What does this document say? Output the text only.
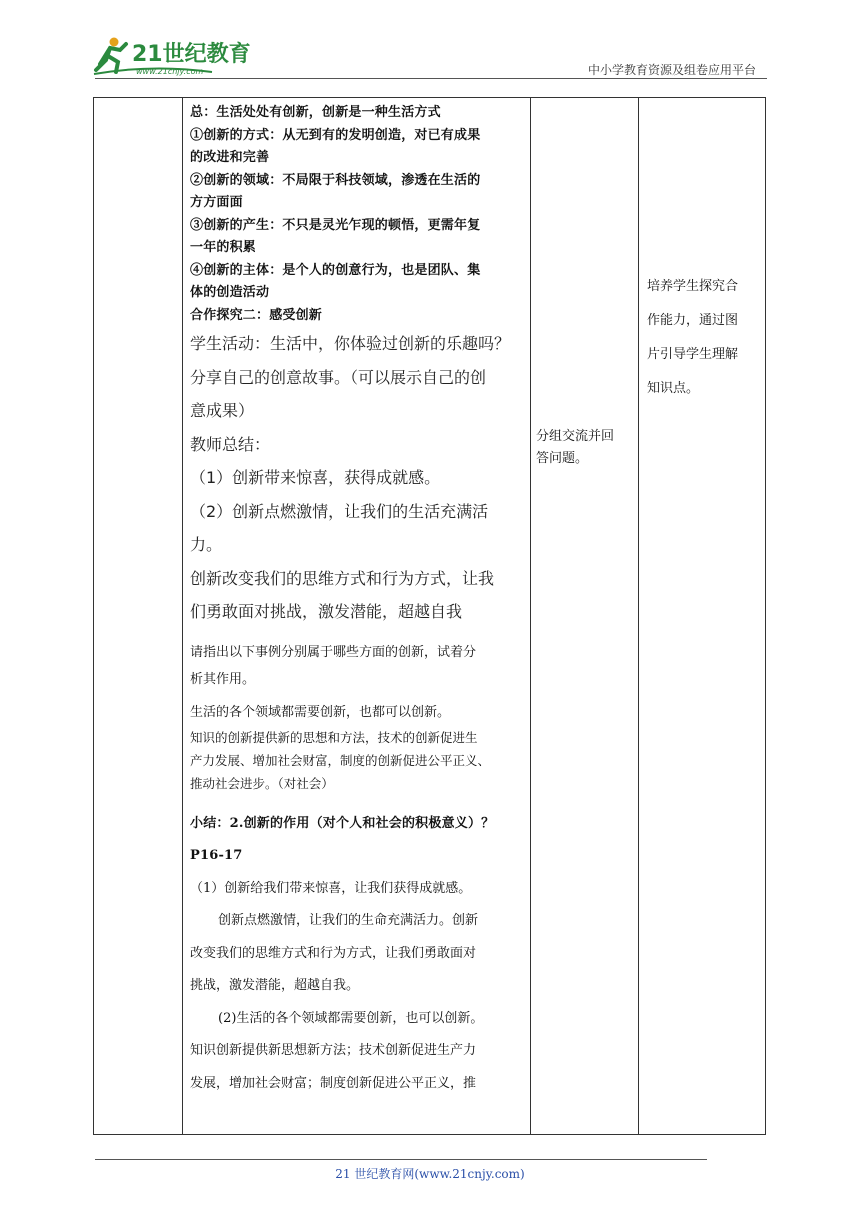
21世纪教育
www.21cnjy.com	中小学教育资源及组卷应用平台
总：生活处处有创新，创新是一种生活方式
①创新的方式：从无到有的发明创造，对已有成果
的改进和完善
②创新的领域：不局限于科技领域，渗透在生活的
方方面面
③创新的产生：不只是灵光乍现的顿悟，更需年复
一年的积累
④创新的主体：是个人的创意行为，也是团队、集
体的创造活动
合作探究二：感受创新
学生活动：生活中，你体验过创新的乐趣吗？
分享自己的创意故事。（可以展示自己的创
意成果）
教师总结：
（1）创新带来惊喜，获得成就感。
（2）创新点燃激情，让我们的生活充满活
力。
创新改变我们的思维方式和行为方式，让我
们勇敢面对挑战，激发潜能，超越自我
请指出以下事例分别属于哪些方面的创新，试着分
析其作用。
生活的各个领域都需要创新，也都可以创新。
知识的创新提供新的思想和方法，技术的创新促进生
产力发展、增加社会财富，制度的创新促进公平正义、
推动社会进步。（对社会）
小结：2.创新的作用（对个人和社会的积极意义）？
P16-17
（1）创新给我们带来惊喜，让我们获得成就感。
创新点燃激情，让我们的生命充满活力。创新
改变我们的思维方式和行为方式，让我们勇敢面对
挑战，激发潜能，超越自我。
(2)生活的各个领域都需要创新，也可以创新。
知识创新提供新思想新方法；技术创新促进生产力
发展，增加社会财富；制度创新促进公平正义，推
分组交流并回
答问题。
培养学生探究合
作能力，通过图
片引导学生理解
知识点。
21 世纪教育网(www.21cnjy.com)
